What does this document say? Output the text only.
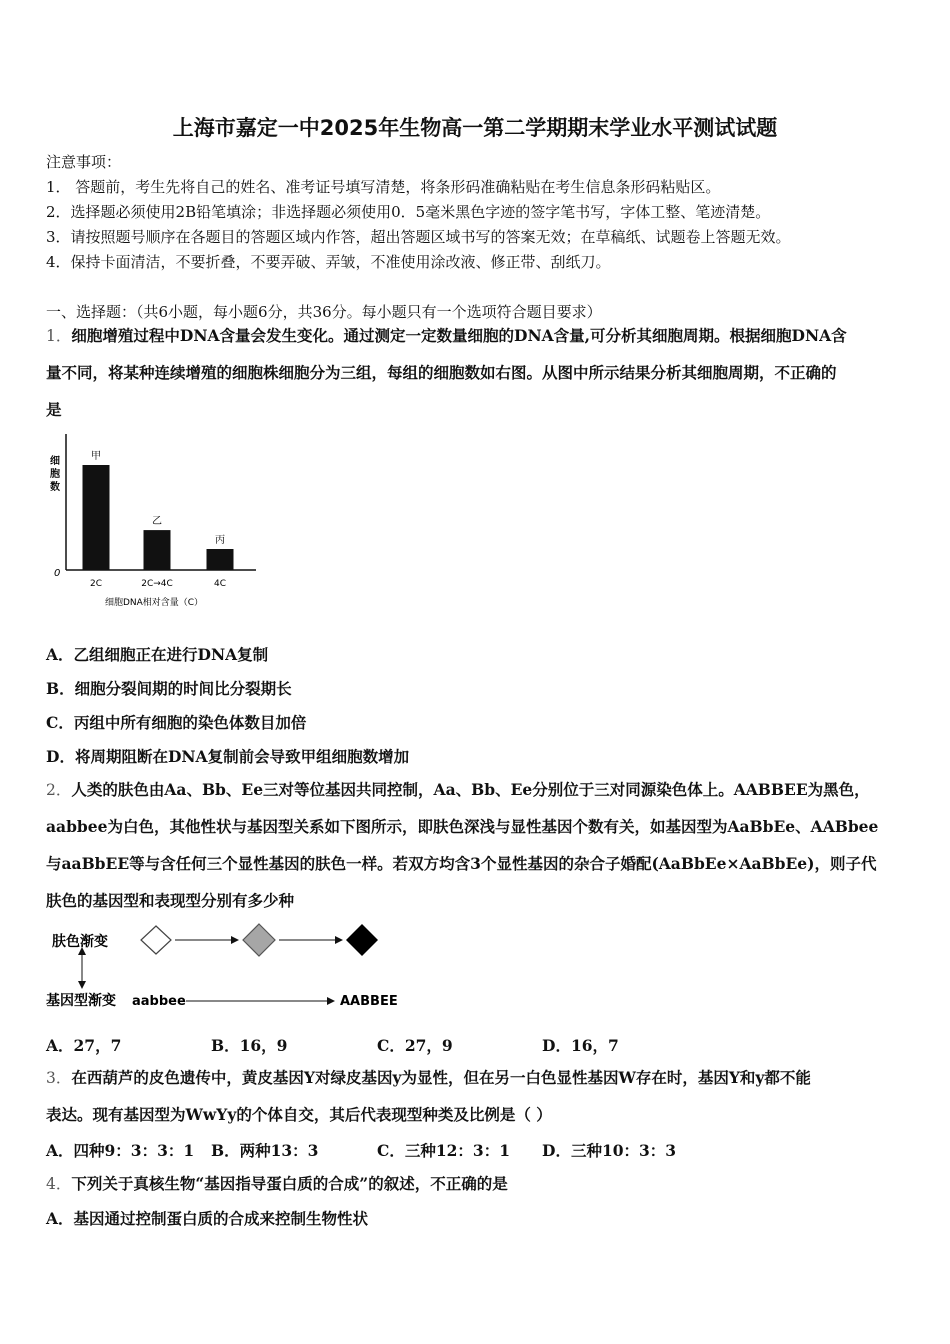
上海市嘉定一中2025年生物高一第二学期期末学业水平测试试题
注意事项：
1． 答题前，考生先将自己的姓名、准考证号填写清楚，将条形码准确粘贴在考生信息条形码粘贴区。
2．选择题必须使用2B铅笔填涂；非选择题必须使用0．5毫米黑色字迹的签字笔书写，字体工整、笔迹清楚。
3．请按照题号顺序在各题目的答题区域内作答，超出答题区域书写的答案无效；在草稿纸、试题卷上答题无效。
4．保持卡面清洁，不要折叠，不要弄破、弄皱，不准使用涂改液、修正带、刮纸刀。
一、选择题：（共6小题，每小题6分，共36分。每小题只有一个选项符合题目要求）
1．细胞增殖过程中DNA含量会发生变化。通过测定一定数量细胞的DNA含量,可分析其细胞周期。根据细胞DNA含
量不同，将某种连续增殖的细胞株细胞分为三组，每组的细胞数如右图。从图中所示结果分析其细胞周期，不正确的
是
细
胞
数
0
甲
2C
乙
2C→4C
丙
4C
细胞DNA相对含量（C）
A．乙组细胞正在进行DNA复制
B．细胞分裂间期的时间比分裂期长
C．丙组中所有细胞的染色体数目加倍
D．将周期阻断在DNA复制前会导致甲组细胞数增加
2．人类的肤色由Aa、Bb、Ee三对等位基因共同控制，Aa、Bb、Ee分别位于三对同源染色体上。AABBEE为黑色，
aabbee为白色，其他性状与基因型关系如下图所示，即肤色深浅与显性基因个数有关，如基因型为AaBbEe、AABbee
与aaBbEE等与含任何三个显性基因的肤色一样。若双方均含3个显性基因的杂合子婚配(AaBbEe×AaBbEe)，则子代
肤色的基因型和表现型分别有多少种
肤色渐变
基因型渐变 aabbee	AABBEE
A．27，7	B．16，9	C．27，9	D．16，7
3．在西葫芦的皮色遗传中，黄皮基因Y对绿皮基因y为显性，但在另一白色显性基因W存在时，基因Y和y都不能
表达。现有基因型为WwYy的个体自交，其后代表现型种类及比例是（ ）
A．四种9：3：3：1 B．两种13：3	C．三种12：3：1 D．三种10：3：3
4．下列关于真核生物“基因指导蛋白质的合成”的叙述，不正确的是
A．基因通过控制蛋白质的合成来控制生物性状
